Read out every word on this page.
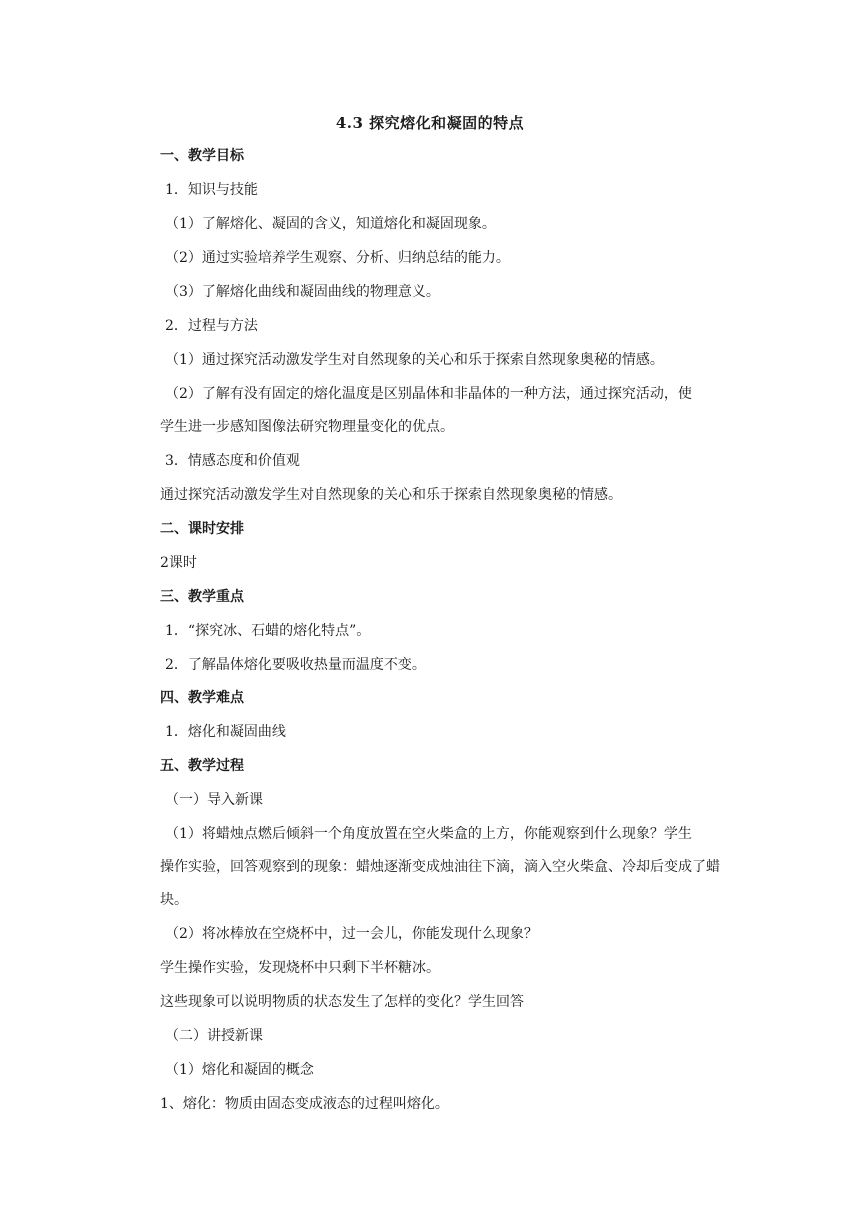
4.3 探究熔化和凝固的特点
一、教学目标
1．知识与技能
（1）了解熔化、凝固的含义，知道熔化和凝固现象。
（2）通过实验培养学生观察、分析、归纳总结的能力。
（3）了解熔化曲线和凝固曲线的物理意义。
2．过程与方法
（1）通过探究活动激发学生对自然现象的关心和乐于探索自然现象奥秘的情感。
（2）了解有没有固定的熔化温度是区别晶体和非晶体的一种方法，通过探究活动，使
学生进一步感知图像法研究物理量变化的优点。
3．情感态度和价值观
通过探究活动激发学生对自然现象的关心和乐于探索自然现象奥秘的情感。
二、课时安排
2课时
三、教学重点
1．“探究冰、石蜡的熔化特点”。
2．了解晶体熔化要吸收热量而温度不变。
四、教学难点
1．熔化和凝固曲线
五、教学过程
（一）导入新课
（1）将蜡烛点燃后倾斜一个角度放置在空火柴盒的上方，你能观察到什么现象？学生
操作实验，回答观察到的现象：蜡烛逐渐变成烛油往下滴，滴入空火柴盒、冷却后变成了蜡
块。
（2）将冰棒放在空烧杯中，过一会儿，你能发现什么现象？
学生操作实验，发现烧杯中只剩下半杯糖冰。
这些现象可以说明物质的状态发生了怎样的变化？学生回答
（二）讲授新课
（1）熔化和凝固的概念
1、熔化：物质由固态变成液态的过程叫熔化。
